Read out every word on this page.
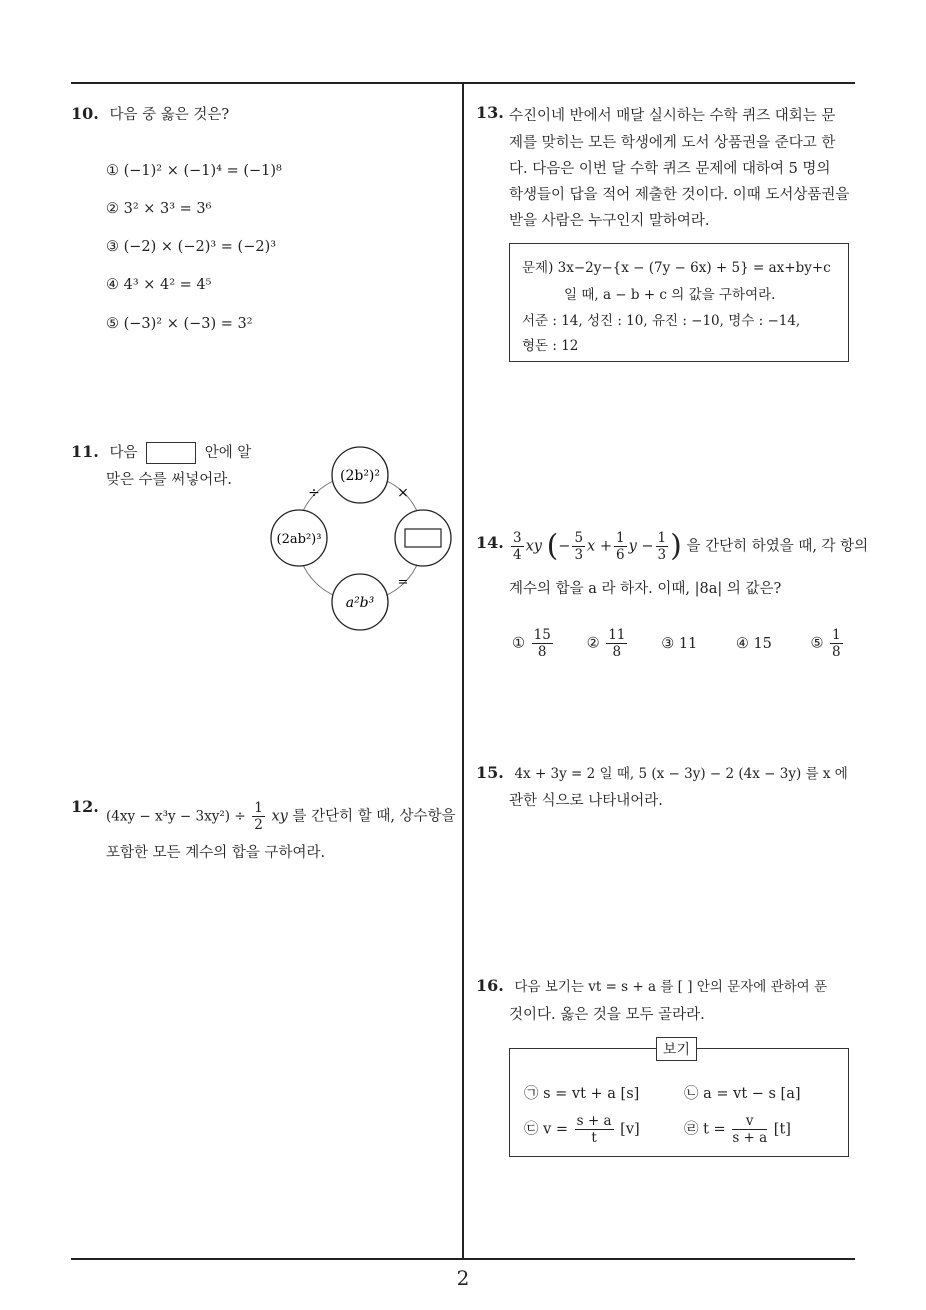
10. 다음 중 옳은 것은?
① (−1)² × (−1)⁴ = (−1)⁸
② 3² × 3³ = 3⁶
③ (−2) × (−2)³ = (−2)³
④ 4³ × 4² = 4⁵
⑤ (−3)² × (−3) = 3²
11. 다음	안에 알
맞은 수를 써넣어라.	(2b²)²
(2ab²)³
a²b³
÷	×
=
12.
$(4xy - x^3y - 3xy^2) \div \frac{1}{2}$ xy 를 간단히 할 때, 상수항을
포함한 모든 계수의 합을 구하여라.
13. 수진이네 반에서 매달 실시하는 수학 퀴즈 대회는 문
제를 맞히는 모든 학생에게 도서 상품권을 준다고 한
다. 다음은 이번 달 수학 퀴즈 문제에 대하여 5 명의
학생들이 답을 적어 제출한 것이다. 이때 도서상품권을
받을 사람은 누구인지 말하여라.
문제) 3x−2y−{x − (7y − 6x) + 5} = ax+by+c
일 때, a − b + c 의 값을 구하여라.
서준 : 14, 성진 : 10, 유진 : −10, 명수 : −14,
형돈 : 12
14. $\frac{3}{4}$ xy (− $\frac{5}{3}$ $x + \frac{1}{6}$ $y - \frac{1}{3}$ ) 을 간단히 하였을 때, 각 항의
계수의 합을 a 라 하자. 이때, |8a| 의 값은?
① $\frac{15}{8}$ ② $\frac{11}{8}$ ③ 11	④ 15	⑤ $\frac{1}{8}$
15. 4x + 3y = 2 일 때, 5 (x − 3y) − 2 (4x − 3y) 를 x 에
관한 식으로 나타내어라.
16. 다음 보기는 vt = s + a 를 [ ] 안의 문자에 관하여 푼
것이다. 옳은 것을 모두 골라라.
보기
㉠ s = vt + a [s]	㉡ a = vt − s [a]
㉢ $v = \frac{s + a}{t} [v]$	㉣ $t = \frac{v}{s + a} [t]$
2
